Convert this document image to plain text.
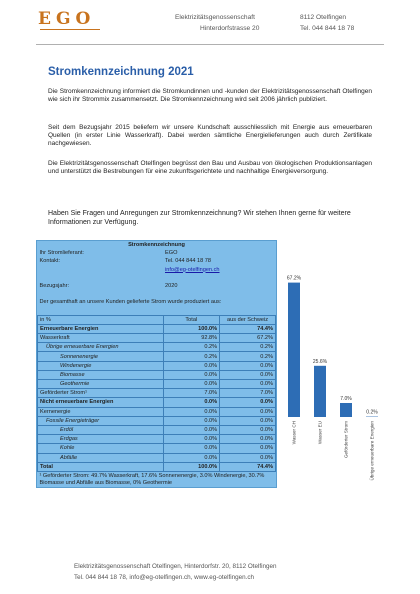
EGO	Elektrizitätsgenossenschaft
Hinterdorfstrasse 20
8112 Otelfingen
Tel. 044 844 18 78
Stromkennzeichnung 2021

Die Stromkennzeichnung informiert die Stromkundinnen und -kunden der Elektrizitätsgenossenschaft Otelfingen wie sich ihr Strommix zusammensetzt. Die Stromkennzeichnung wird seit 2006 jährlich publiziert.

Seit dem Bezugsjahr 2015 beliefern wir unsere Kundschaft ausschliesslich mit Energie aus erneuerbaren Quellen (in erster Linie Wasserkraft). Dabei werden sämtliche Energielieferungen auch durch Zertifikate nachgewiesen.

Die Elektrizitätsgenossenschaft Otelfingen begrüsst den Bau und Ausbau von ökologischen Produktionsanlagen und unterstützt die Bestrebungen für eine zukunftsgerichtete und nachhaltige Energieversorgung.

Haben Sie Fragen und Anregungen zur Stromkennzeichnung? Wir stehen Ihnen gerne für weitere Informationen zur Verfügung.

Stromkennzeichnung		
Ihr Stromlieferant:	EGO	
Kontakt:	Tel. 044 844 18 78	
	info@eg-otelfingen.ch	

Bezugsjahr:	2020	

Der gesamthaft an unsere Kunden gelieferte Strom wurde produziert aus:		

in %	Total	aus der Schweiz
Erneuerbare Energien	100.0%	74.4%
Wasserkraft	92.8%	67.2%
Übrige erneuerbare Energien	0.2%	0.2%
Sonnenenergie	0.2%	0.2%
Windenergie	0.0%	0.0%
Biomasse	0.0%	0.0%
Geothermie	0.0%	0.0%
Geförderter Strom¹	7.0%	7.0%
Nicht erneuerbare Energien	0.0%	0.0%
Kernenergie	0.0%	0.0%
Fossile Energieträger	0.0%	0.0%
Erdöl	0.0%	0.0%
Erdgas	0.0%	0.0%
Kohle	0.0%	0.0%
Abfälle	0.0%	0.0%
Total	100.0%	74.4%
¹ Geförderter Strom: 49.7% Wasserkraft, 17.6% Sonnenenergie, 3.0% Windenergie, 30.7% Biomasse und Abfälle aus Biomasse, 0% Geothermie		
67.2%
Wasser CH
25.6%
Wasser EU
7.0%
Geförderter Strom
0.2%
Übrige erneuerbare Energien
Elektrizitätsgenossenschaft Otelfingen, Hinterdorfstr. 20, 8112 Otelfingen
Tel. 044 844 18 78, info@eg-otelfingen.ch, www.eg-otelfingen.ch
